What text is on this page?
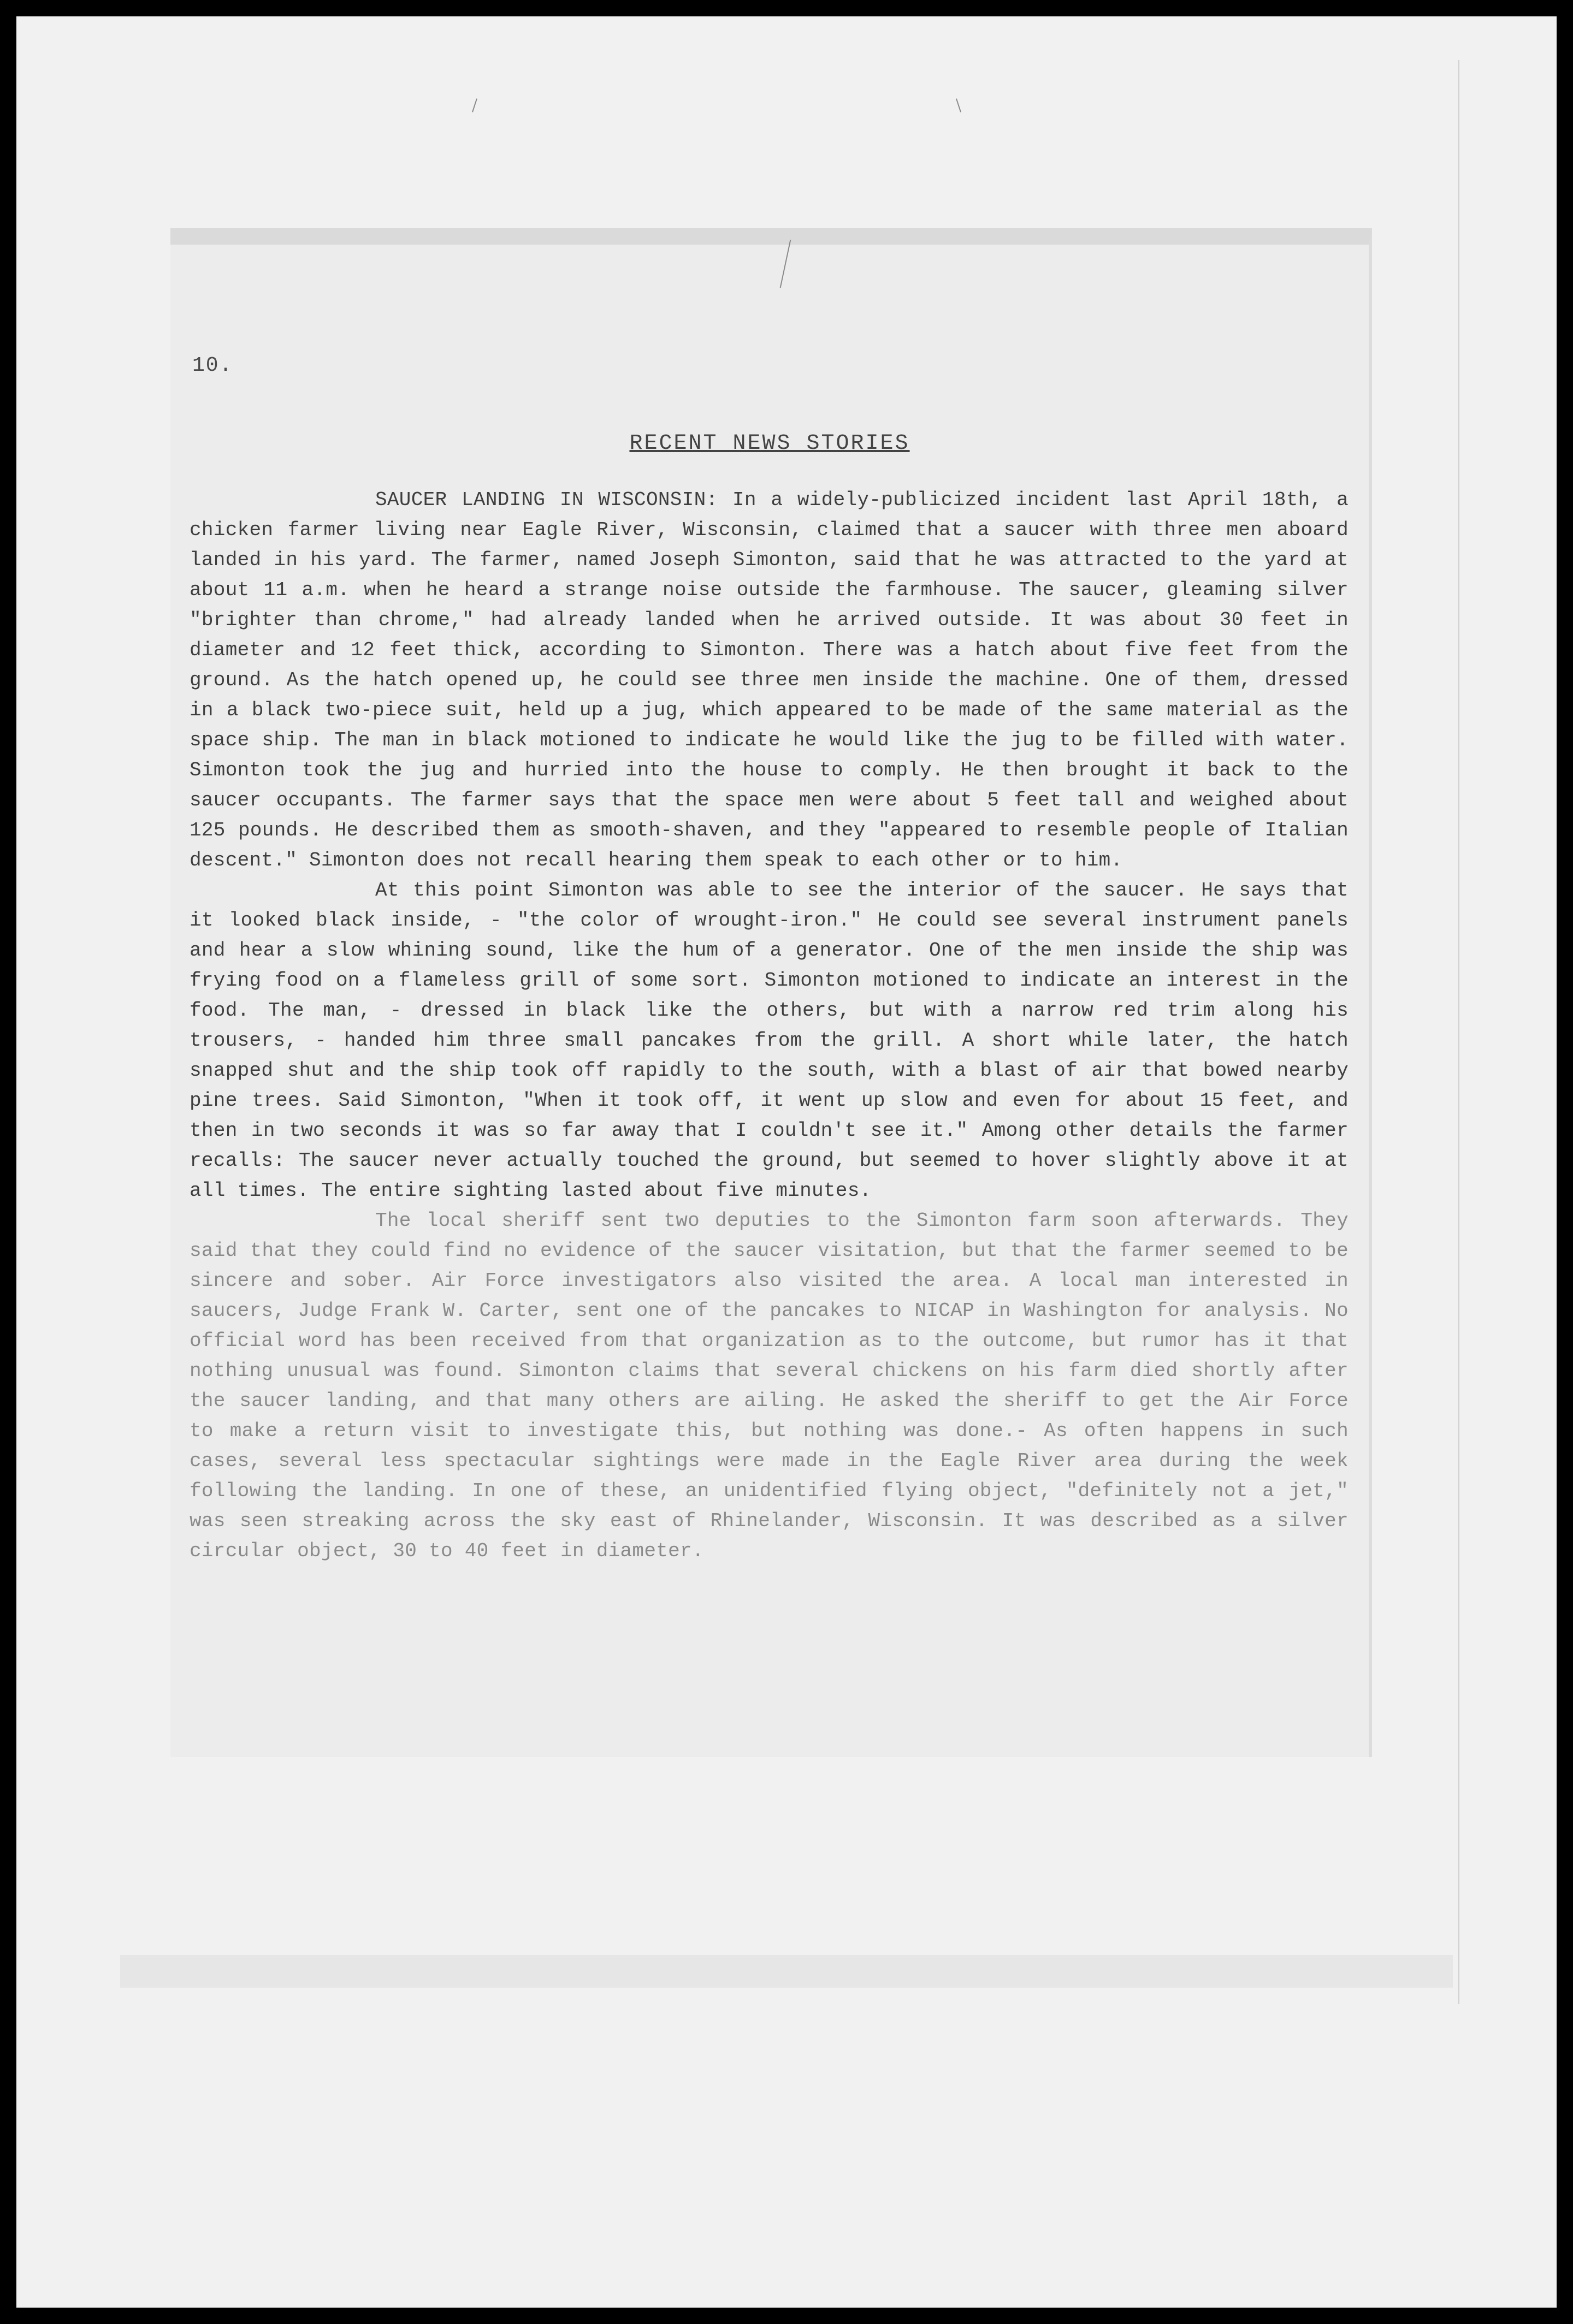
10.
RECENT NEWS STORIES

SAUCER LANDING IN WISCONSIN: In a widely-publicized incident last April 18th, a chicken farmer living near Eagle River, Wisconsin, claimed that a saucer with three men aboard landed in his yard. The farmer, named Joseph Simonton, said that he was attracted to the yard at about 11 a.m. when he heard a strange noise outside the farmhouse. The saucer, gleaming silver "brighter than chrome," had already landed when he arrived outside. It was about 30 feet in diameter and 12 feet thick, according to Simonton. There was a hatch about five feet from the ground. As the hatch opened up, he could see three men inside the machine. One of them, dressed in a black two-piece suit, held up a jug, which appeared to be made of the same material as the space ship. The man in black motioned to indicate he would like the jug to be filled with water. Simonton took the jug and hurried into the house to comply. He then brought it back to the saucer occupants. The farmer says that the space men were about 5 feet tall and weighed about 125 pounds. He described them as smooth-shaven, and they "appeared to resemble people of Italian descent." Simonton does not recall hearing them speak to each other or to him.

At this point Simonton was able to see the interior of the saucer. He says that it looked black inside, - "the color of wrought-iron." He could see several instrument panels and hear a slow whining sound, like the hum of a generator. One of the men inside the ship was frying food on a flameless grill of some sort. Simonton motioned to indicate an interest in the food. The man, - dressed in black like the others, but with a narrow red trim along his trousers, - handed him three small pancakes from the grill. A short while later, the hatch snapped shut and the ship took off rapidly to the south, with a blast of air that bowed nearby pine trees. Said Simonton, "When it took off, it went up slow and even for about 15 feet, and then in two seconds it was so far away that I couldn't see it." Among other details the farmer recalls: The saucer never actually touched the ground, but seemed to hover slightly above it at all times. The entire sighting lasted about five minutes.

The local sheriff sent two deputies to the Simonton farm soon afterwards. They said that they could find no evidence of the saucer visitation, but that the farmer seemed to be sincere and sober. Air Force investigators also visited the area. A local man interested in saucers, Judge Frank W. Carter, sent one of the pancakes to NICAP in Washington for analysis. No official word has been received from that organization as to the outcome, but rumor has it that nothing unusual was found. Simonton claims that several chickens on his farm died shortly after the saucer landing, and that many others are ailing. He asked the sheriff to get the Air Force to make a return visit to investigate this, but nothing was done.- As often happens in such cases, several less spectacular sightings were made in the Eagle River area during the week following the landing. In one of these, an unidentified flying object, "definitely not a jet," was seen streaking across the sky east of Rhinelander, Wisconsin. It was described as a silver circular object, 30 to 40 feet in diameter.
